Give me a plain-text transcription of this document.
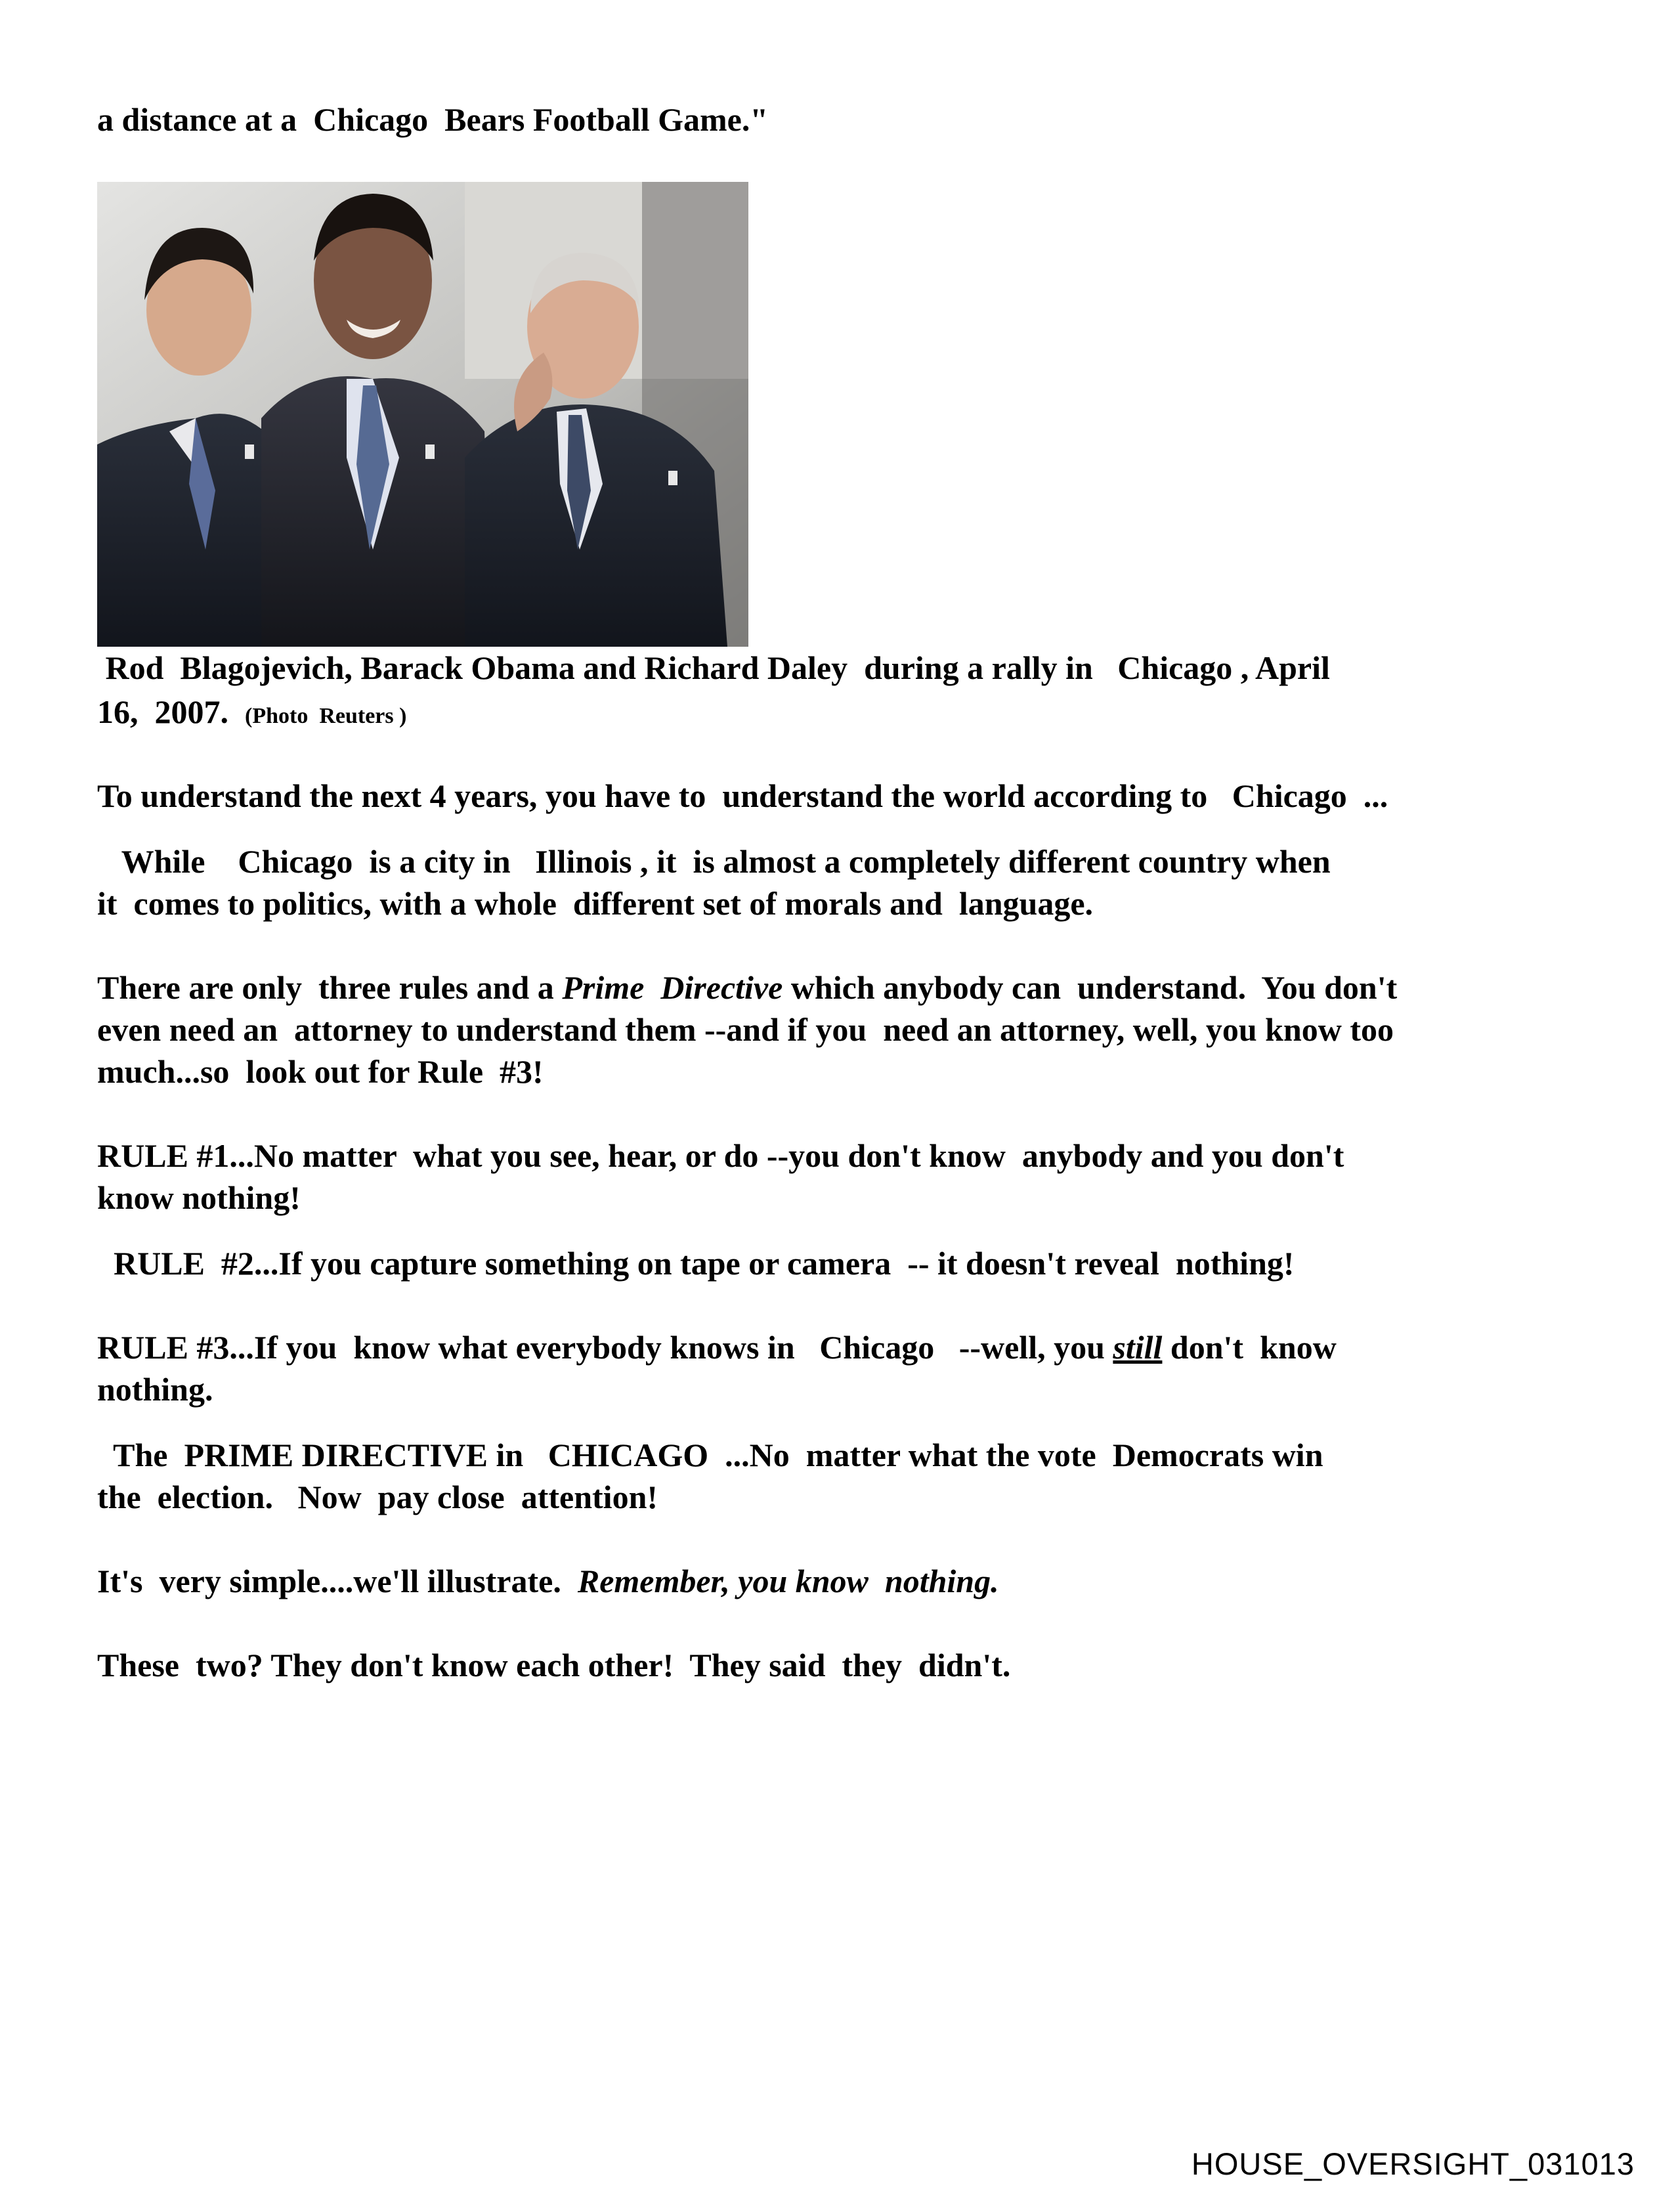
a distance at a  Chicago  Bears Football Game."
Rod  Blagojevich, Barack Obama and Richard Daley  during a rally in   Chicago , April
16,  2007.  (Photo  Reuters )
To understand the next 4 years, you have to  understand the world according to   Chicago  ...
While    Chicago  is a city in   Illinois , it  is almost a completely different country when
it  comes to politics, with a whole  different set of morals and  language.
There are only  three rules and a Prime  Directive which anybody can  understand.  You don't
even need an  attorney to understand them --and if you  need an attorney, well, you know too
much...so  look out for Rule  #3!
RULE #1...No matter  what you see, hear, or do --you don't know  anybody and you don't
know nothing!
RULE  #2...If you capture something on tape or camera  -- it doesn't reveal  nothing!
RULE #3...If you  know what everybody knows in   Chicago   --well, you still don't  know
nothing.
The  PRIME DIRECTIVE in   CHICAGO  ...No  matter what the vote  Democrats win
the  election.   Now  pay close  attention!
It's  very simple....we'll illustrate.  Remember, you know  nothing.
These  two? They don't know each other!  They said  they  didn't.
HOUSE_OVERSIGHT_031013
